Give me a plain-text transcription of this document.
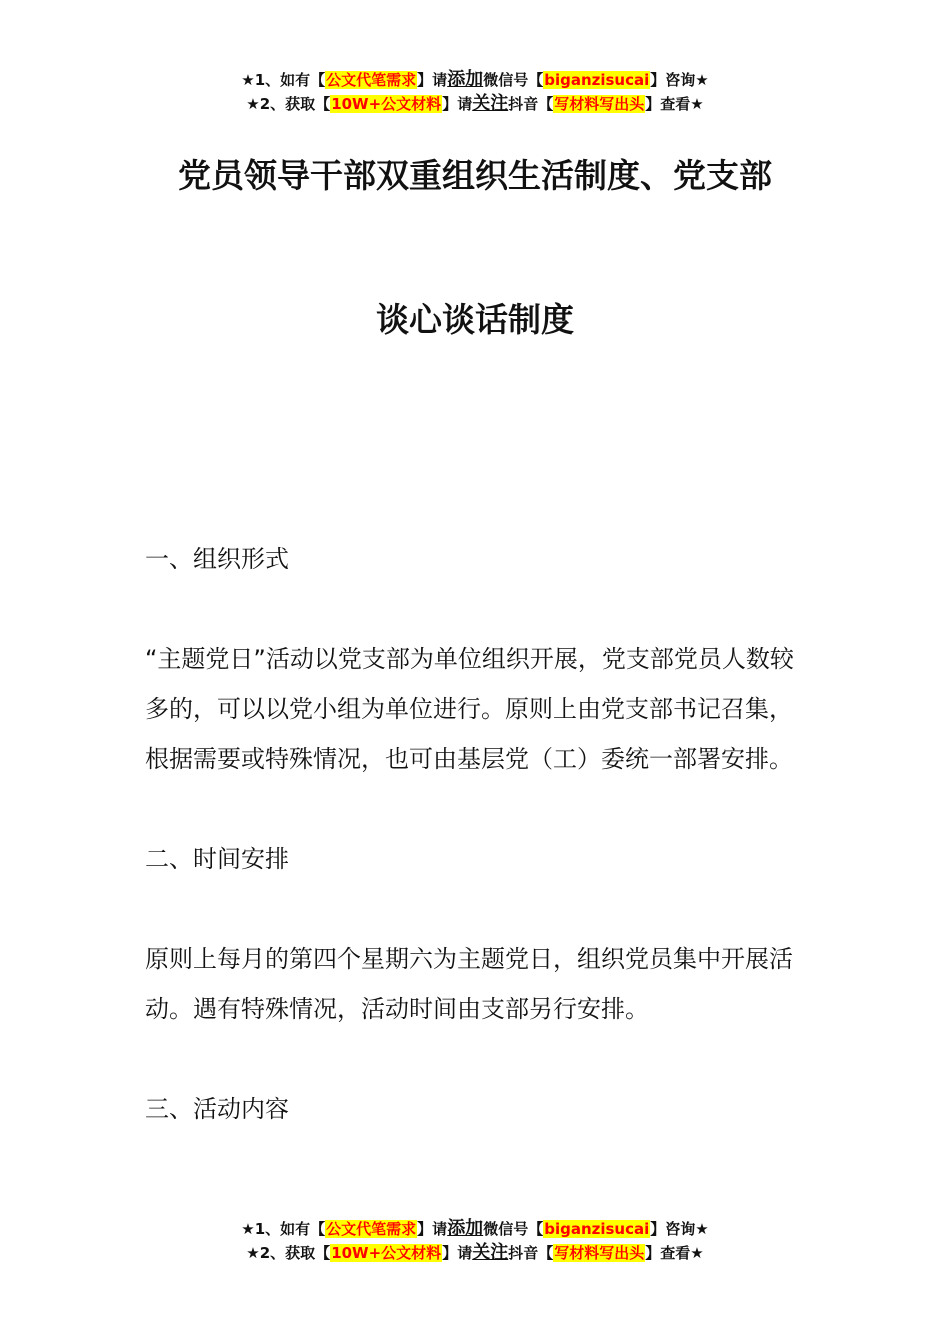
★1、如有【公文代笔需求】请添加微信号【biganzisucai】咨询★
★2、获取【10W+公文材料】请关注抖音【写材料写出头】查看★
党员领导干部双重组织生活制度、党支部
谈心谈话制度

一、组织形式

“主题党日”活动以党支部为单位组织开展，党支部党员人数较多的，可以以党小组为单位进行。原则上由党支部书记召集，根据需要或特殊情况，也可由基层党（工）委统一部署安排。

二、时间安排

原则上每月的第四个星期六为主题党日，组织党员集中开展活动。遇有特殊情况，活动时间由支部另行安排。

三、活动内容

★1、如有【公文代笔需求】请添加微信号【biganzisucai】咨询★
★2、获取【10W+公文材料】请关注抖音【写材料写出头】查看★
